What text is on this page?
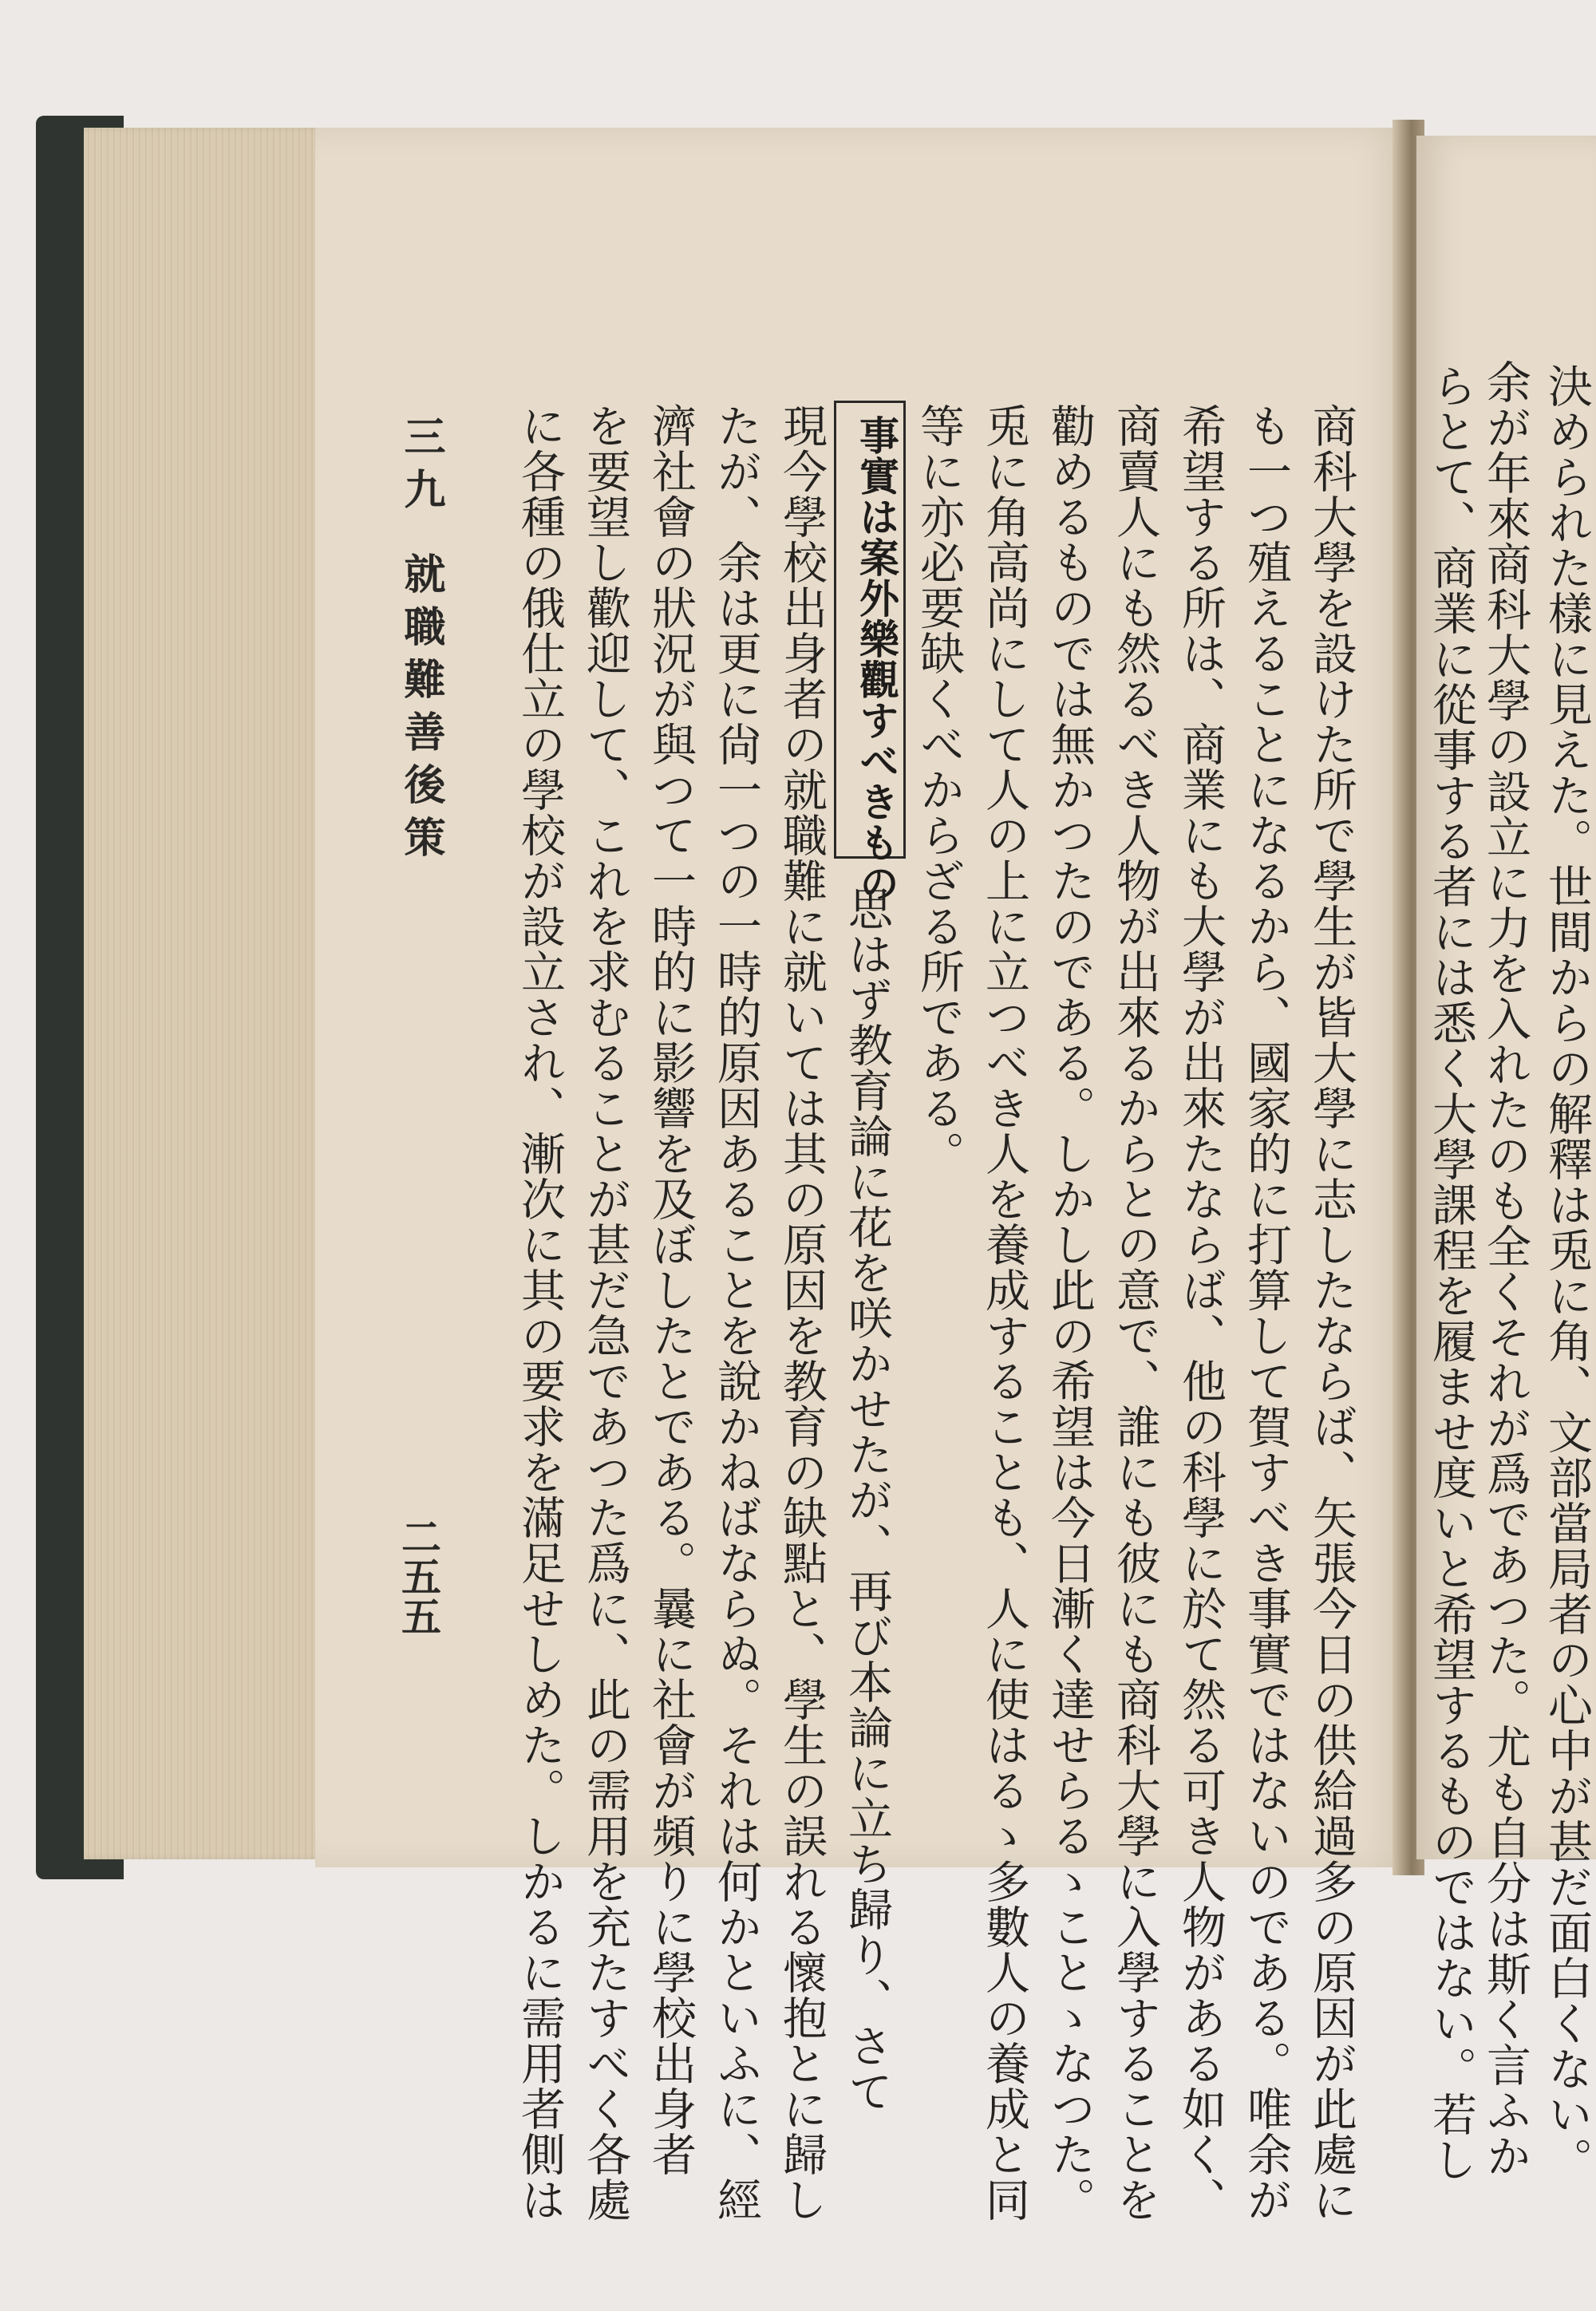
決められた樣に見えた。世間からの解釋は兎に角、文部當局者の心中が甚だ面白くない。
余が年來商科大學の設立に力を入れたのも全くそれが爲であつた。尤も自分は斯く言ふか
商科大學を設けた所で學生が皆大學に志したならば、矢張今日の供給過多の原因が此處に
も一つ殖えることになるから、國家的に打算して賀すべき事實ではないのである。唯余が
希望する所は、商業にも大學が出來たならば、他の科學に於て然る可き人物がある如く、
商賣人にも然るべき人物が出來るからとの意で、誰にも彼にも商科大學に入學することを
勸めるものでは無かつたのである。しかし此の希望は今日漸く達せらるゝことゝなつた。
兎に角高尚にして人の上に立つべき人を養成することも、人に使はるゝ多數人の養成と同
等に亦必要缺くべからざる所である。
事實は案外樂觀すべきもの
思はず教育論に花を咲かせたが、再び本論に立ち歸り、さて
現今學校出身者の就職難に就いては其の原因を教育の缺點と、學生の誤れる懷抱とに歸し
たが、余は更に尙一つの一時的原因あることを說かねばならぬ。それは何かといふに、經
濟社會の狀況が與つて一時的に影響を及ぼしたとである。曩に社會が頻りに學校出身者
を要望し歡迎して、これを求むることが甚だ急であつた爲に、此の需用を充たすべく各處
に各種の俄仕立の學校が設立され、漸次に其の要求を滿足せしめた。しかるに需用者側は
三九就職難善後策
二五五	らとて、商業に從事する者には悉く大學課程を履ませ度いと希望するものではない。若し
